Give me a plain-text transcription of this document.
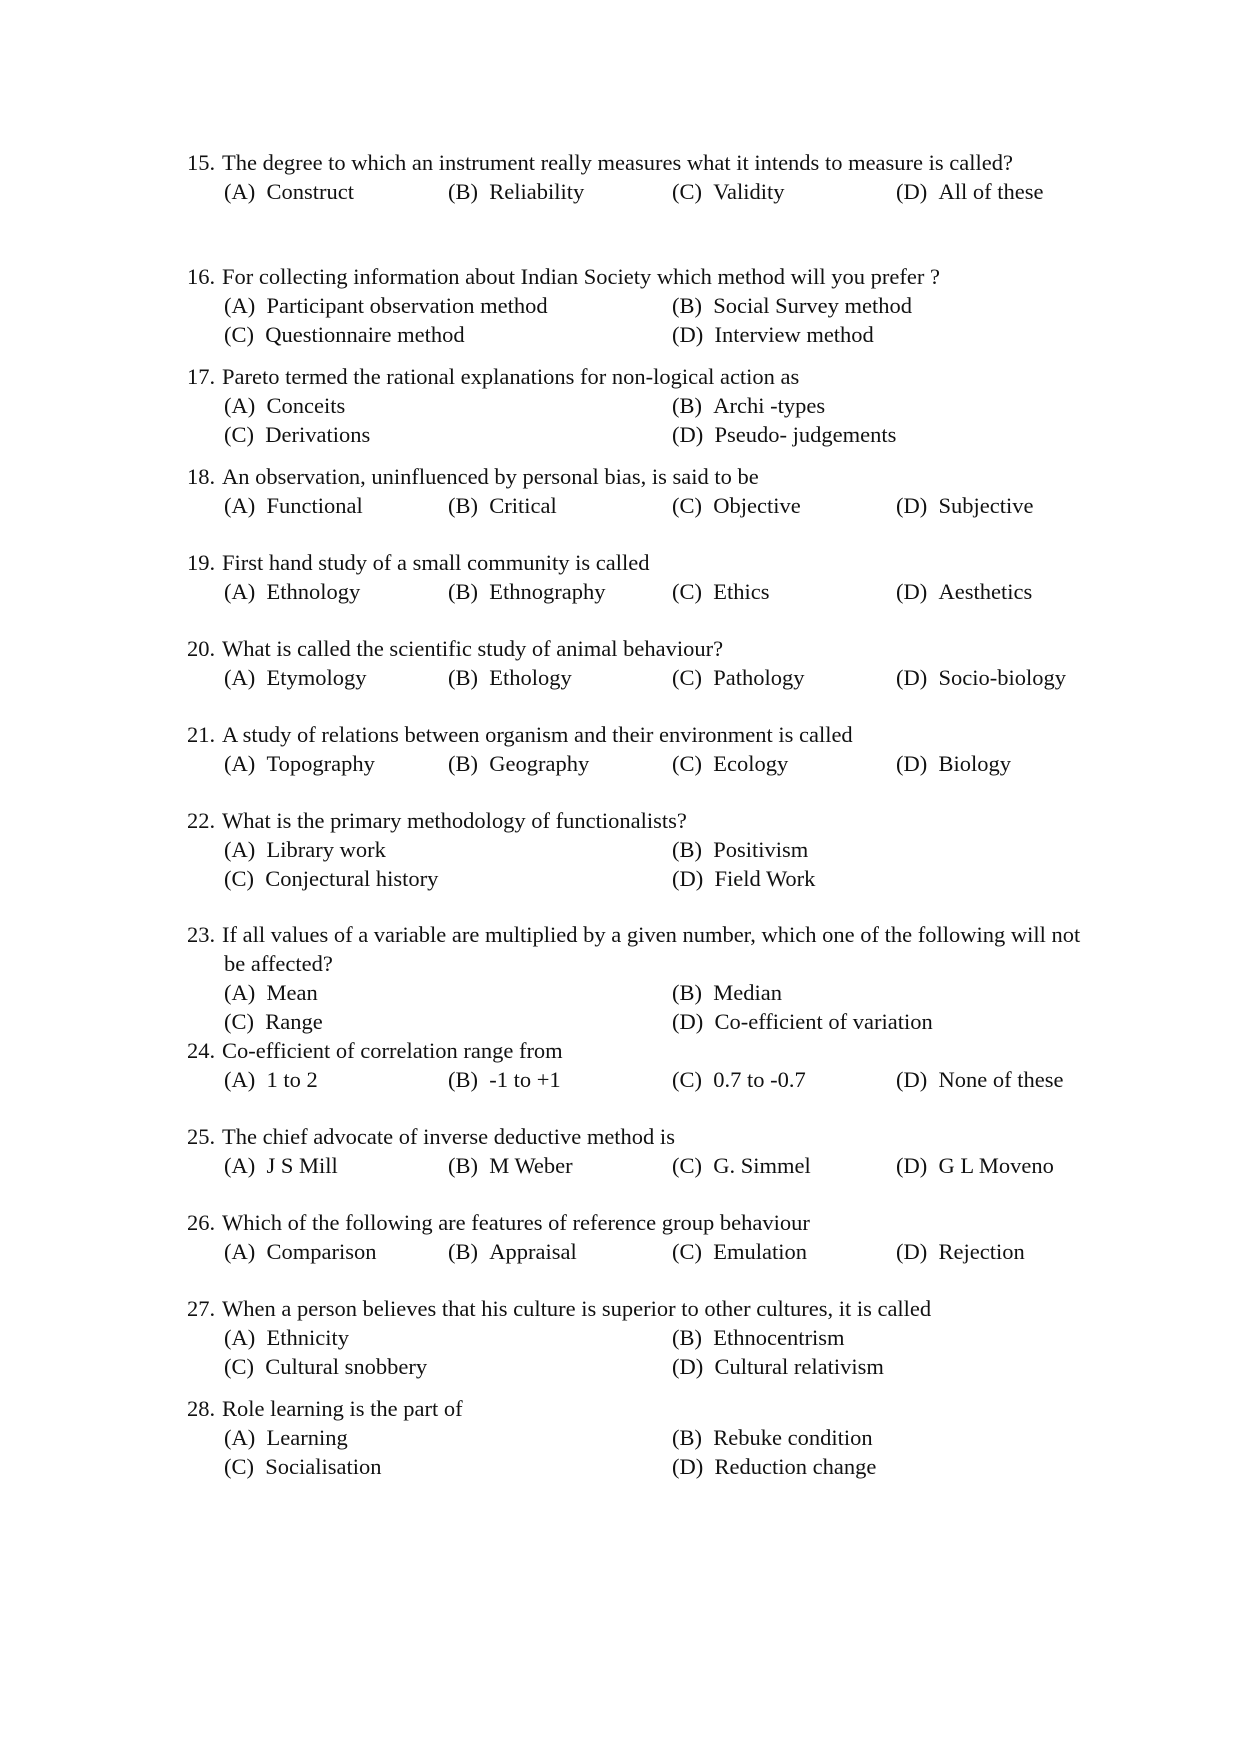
15. The degree to which an instrument really measures what it intends to measure is called?
(A) Construct	(B) Reliability	(C) Validity	(D) All of these
16. For collecting information about Indian Society which method will you prefer ?
(A) Participant observation method	(B) Social Survey method
(C) Questionnaire method	(D) Interview method
17. Pareto termed the rational explanations for non-logical action as
(A) Conceits	(B) Archi -types
(C) Derivations	(D) Pseudo- judgements
18. An observation, uninfluenced by personal bias, is said to be
(A) Functional	(B) Critical	(C) Objective	(D) Subjective
19. First hand study of a small community is called
(A) Ethnology	(B) Ethnography	(C) Ethics	(D) Aesthetics
20. What is called the scientific study of animal behaviour?
(A) Etymology	(B) Ethology	(C) Pathology	(D) Socio-biology
21. A study of relations between organism and their environment is called
(A) Topography	(B) Geography	(C) Ecology	(D) Biology
22. What is the primary methodology of functionalists?
(A) Library work	(B) Positivism
(C) Conjectural history	(D) Field Work
23. If all values of a variable are multiplied by a given number, which one of the following will not be affected?
(A) Mean	(B) Median
(C) Range	(D) Co-efficient of variation
24. Co-efficient of correlation range from
(A) 1 to 2	(B) -1 to +1	(C) 0.7 to -0.7	(D) None of these
25. The chief advocate of inverse deductive method is
(A) J S Mill	(B) M Weber	(C) G. Simmel	(D) G L Moveno
26. Which of the following are features of reference group behaviour
(A) Comparison	(B) Appraisal	(C) Emulation	(D) Rejection
27. When a person believes that his culture is superior to other cultures, it is called
(A) Ethnicity	(B) Ethnocentrism
(C) Cultural snobbery	(D) Cultural relativism
28. Role learning is the part of
(A) Learning	(B) Rebuke condition
(C) Socialisation	(D) Reduction change
